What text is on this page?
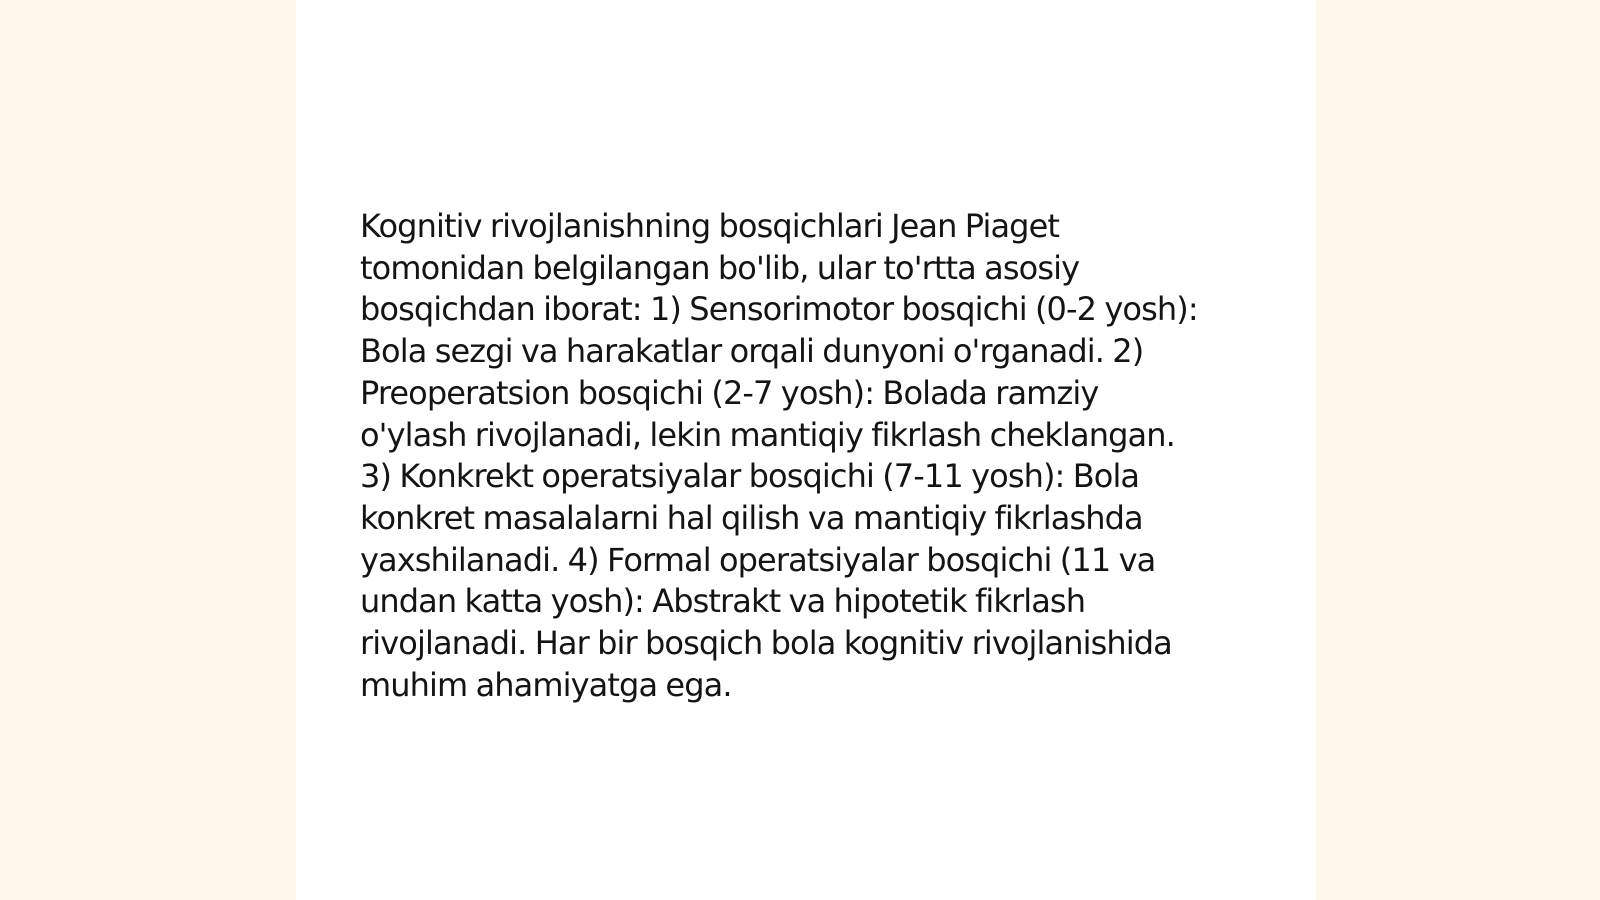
Kognitiv rivojlanishning bosqichlari Jean Piaget tomonidan belgilangan bo'lib, ular to'rtta asosiy bosqichdan iborat: 1) Sensorimotor bosqichi (0-2 yosh): Bola sezgi va harakatlar orqali dunyoni o'rganadi. 2) Preoperatsion bosqichi (2-7 yosh): Bolada ramziy o'ylash rivojlanadi, lekin mantiqiy fikrlash cheklangan. 3) Konkrekt operatsiyalar bosqichi (7-11 yosh): Bola konkret masalalarni hal qilish va mantiqiy fikrlashda yaxshilanadi. 4) Formal operatsiyalar bosqichi (11 va undan katta yosh): Abstrakt va hipotetik fikrlash rivojlanadi. Har bir bosqich bola kognitiv rivojlanishida muhim ahamiyatga ega.
